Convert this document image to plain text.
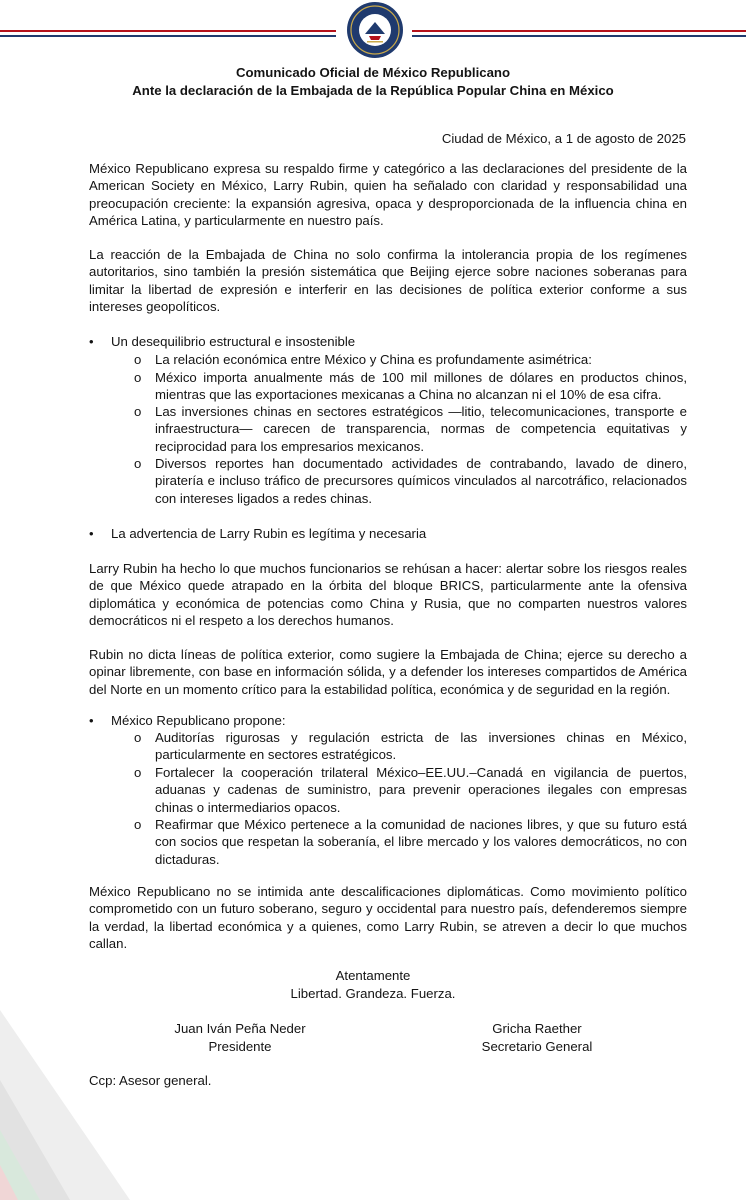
Comunicado Oficial de México Republicano
Ante la declaración de la Embajada de la República Popular China en México
Ciudad de México, a 1 de agosto de 2025
México Republicano expresa su respaldo firme y categórico a las declaraciones del presidente de la American Society en México, Larry Rubin, quien ha señalado con claridad y responsabilidad una preocupación creciente: la expansión agresiva, opaca y desproporcionada de la influencia china en América Latina, y particularmente en nuestro país.
La reacción de la Embajada de China no solo confirma la intolerancia propia de los regímenes autoritarios, sino también la presión sistemática que Beijing ejerce sobre naciones soberanas para limitar la libertad de expresión e interferir en las decisiones de política exterior conforme a sus intereses geopolíticos.
• Un desequilibrio estructural e insostenible
o La relación económica entre México y China es profundamente asimétrica:
o México importa anualmente más de 100 mil millones de dólares en productos chinos, mientras que las exportaciones mexicanas a China no alcanzan ni el 10% de esa cifra.
o Las inversiones chinas en sectores estratégicos —litio, telecomunicaciones, transporte e infraestructura— carecen de transparencia, normas de competencia equitativas y reciprocidad para los empresarios mexicanos.
o Diversos reportes han documentado actividades de contrabando, lavado de dinero, piratería e incluso tráfico de precursores químicos vinculados al narcotráfico, relacionados con intereses ligados a redes chinas.
• La advertencia de Larry Rubin es legítima y necesaria
Larry Rubin ha hecho lo que muchos funcionarios se rehúsan a hacer: alertar sobre los riesgos reales de que México quede atrapado en la órbita del bloque BRICS, particularmente ante la ofensiva diplomática y económica de potencias como China y Rusia, que no comparten nuestros valores democráticos ni el respeto a los derechos humanos.
Rubin no dicta líneas de política exterior, como sugiere la Embajada de China; ejerce su derecho a opinar libremente, con base en información sólida, y a defender los intereses compartidos de América del Norte en un momento crítico para la estabilidad política, económica y de seguridad en la región.
• México Republicano propone:
o Auditorías rigurosas y regulación estricta de las inversiones chinas en México, particularmente en sectores estratégicos.
o Fortalecer la cooperación trilateral México–EE.UU.–Canadá en vigilancia de puertos, aduanas y cadenas de suministro, para prevenir operaciones ilegales con empresas chinas o intermediarios opacos.
o Reafirmar que México pertenece a la comunidad de naciones libres, y que su futuro está con socios que respetan la soberanía, el libre mercado y los valores democráticos, no con dictaduras.
México Republicano no se intimida ante descalificaciones diplomáticas. Como movimiento político comprometido con un futuro soberano, seguro y occidental para nuestro país, defenderemos siempre la verdad, la libertad económica y a quienes, como Larry Rubin, se atreven a decir lo que muchos callan.
Atentamente
Libertad. Grandeza. Fuerza.
Juan Iván Peña Neder
Presidente
Gricha Raether
Secretario General
Ccp: Asesor general.
